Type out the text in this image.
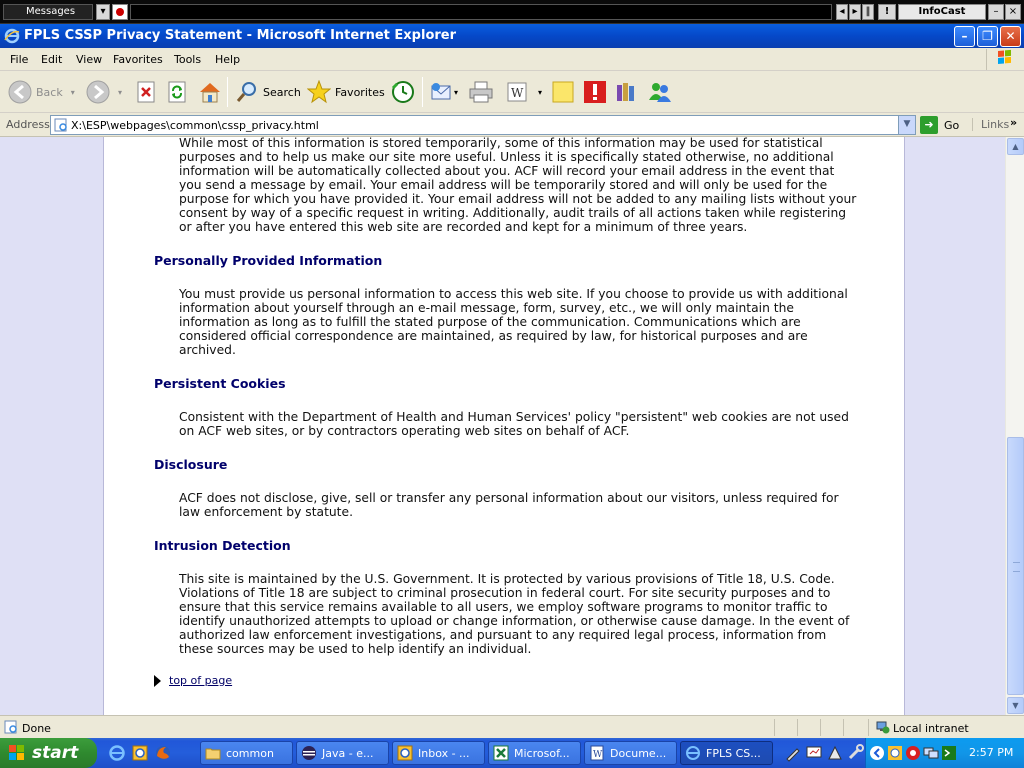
Messages	▾	◂ ▸ ‖	!	InfoCast	–	×
FPLS CSSP Privacy Statement - Microsoft Internet Explorer	–	❐	✕
File Edit View Favorites Tools Help
Back ▾	▾	Search	Favorites	▾	W ▾
Address X:\ESP\webpages\common\cssp_privacy.html	▼	➜ Go	Links »

While most of this information is stored temporarily, some of this information may be used for statistical purposes and to help us make our site more useful. Unless it is specifically stated otherwise, no additional information will be automatically collected about you. ACF will record your email address in the event that you send a message by email. Your email address will be temporarily stored and will only be used for the purpose for which you have provided it. Your email address will not be added to any mailing lists without your consent by way of a specific request in writing. Additionally, audit trails of all actions taken while registering or after you have entered this web site are recorded and kept for a minimum of three years.

Personally Provided Information

You must provide us personal information to access this web site. If you choose to provide us with additional information about yourself through an e-mail message, form, survey, etc., we will only maintain the information as long as to fulfill the stated purpose of the communication. Communications which are considered official correspondence are maintained, as required by law, for historical purposes and are archived.

Persistent Cookies

Consistent with the Department of Health and Human Services' policy "persistent" web cookies are not used on ACF web sites, or by contractors operating web sites on behalf of ACF.

Disclosure

ACF does not disclose, give, sell or transfer any personal information about our visitors, unless required for law enforcement by statute.

Intrusion Detection

This site is maintained by the U.S. Government. It is protected by various provisions of Title 18, U.S. Code. Violations of Title 18 are subject to criminal prosecution in federal court. For site security purposes and to ensure that this service remains available to all users, we employ software programs to monitor traffic to identify unauthorized attempts to upload or change information, or otherwise cause damage. In the event of authorized law enforcement investigations, and pursuant to any required legal process, information from these sources may be used to help identify an individual.

top of page
▲
▼
Done	Local intranet
start	common	Java - e...	Inbox - ...	Microsof...	W Docume...	FPLS CS...	2:57 PM
